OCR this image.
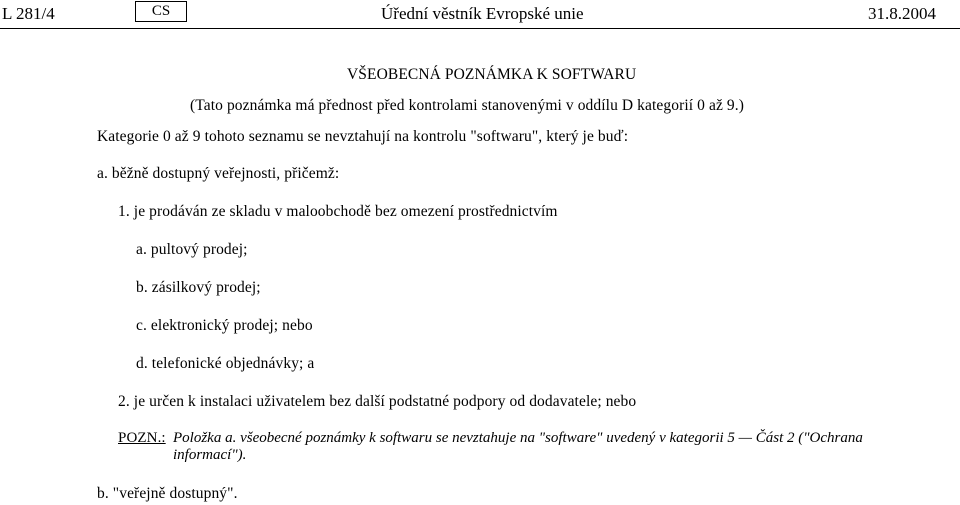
L 281/4	CS	Úřední věstník Evropské unie	31.8.2004
VŠEOBECNÁ POZNÁMKA K SOFTWARU
(Tato poznámka má přednost před kontrolami stanovenými v oddílu D kategorií 0 až 9.)
Kategorie 0 až 9 tohoto seznamu se nevztahují na kontrolu "softwaru", který je buď:
a. běžně dostupný veřejnosti, přičemž:
1. je prodáván ze skladu v maloobchodě bez omezení prostřednictvím
a. pultový prodej;
b. zásilkový prodej;
c. elektronický prodej; nebo
d. telefonické objednávky; a
2. je určen k instalaci uživatelem bez další podstatné podpory od dodavatele; nebo
POZN.: Položka a. všeobecné poznámky k softwaru se nevztahuje na "software" uvedený v kategorii 5 — Část 2 ("Ochrana
informací").
b. "veřejně dostupný".
